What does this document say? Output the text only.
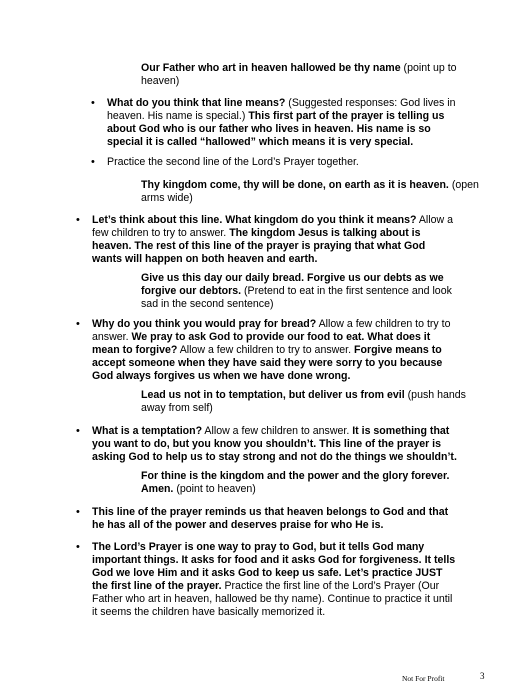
Our Father who art in heaven hallowed be thy name (point up to heaven)
• What do you think that line means? (Suggested responses: God lives in heaven. His name is special.) This first part of the prayer is telling us about God who is our father who lives in heaven. His name is so special it is called “hallowed” which means it is very special.
• Practice the second line of the Lord’s Prayer together.
Thy kingdom come, thy will be done, on earth as it is heaven. (open arms wide)
• Let’s think about this line. What kingdom do you think it means? Allow a few children to try to answer. The kingdom Jesus is talking about is heaven. The rest of this line of the prayer is praying that what God wants will happen on both heaven and earth.
Give us this day our daily bread. Forgive us our debts as we forgive our debtors. (Pretend to eat in the first sentence and look sad in the second sentence)
• Why do you think you would pray for bread? Allow a few children to try to answer. We pray to ask God to provide our food to eat. What does it mean to forgive? Allow a few children to try to answer. Forgive means to accept someone when they have said they were sorry to you because God always forgives us when we have done wrong.
Lead us not in to temptation, but deliver us from evil (push hands away from self)
• What is a temptation? Allow a few children to answer. It is something that you want to do, but you know you shouldn’t. This line of the prayer is asking God to help us to stay strong and not do the things we shouldn’t.
For thine is the kingdom and the power and the glory forever. Amen. (point to heaven)
• This line of the prayer reminds us that heaven belongs to God and that he has all of the power and deserves praise for who He is.
• The Lord’s Prayer is one way to pray to God, but it tells God many important things. It asks for food and it asks God for forgiveness. It tells God we love Him and it asks God to keep us safe. Let’s practice JUST the first line of the prayer. Practice the first line of the Lord’s Prayer (Our Father who art in heaven, hallowed be thy name). Continue to practice it until it seems the children have basically memorized it.
Not For Profit	3
